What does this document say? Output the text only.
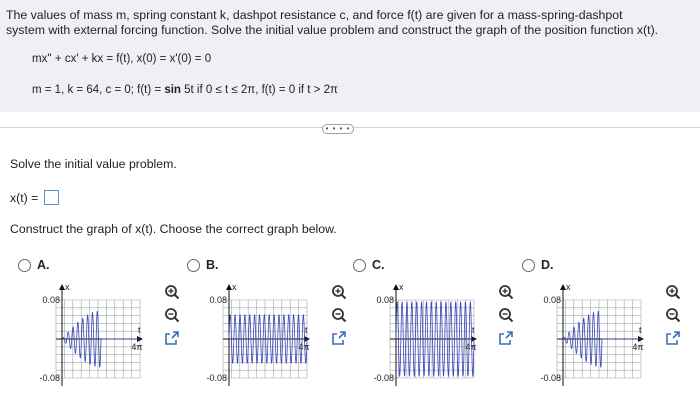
The values of mass m, spring constant k, dashpot resistance c, and force f(t) are given for a mass-spring-dashpot
system with external forcing function. Solve the initial value problem and construct the graph of the position function x(t).
mx'' + cx' + kx = f(t), x(0) = x'(0) = 0
m = 1, k = 64, c = 0; f(t) = sin 5t if 0 ≤ t ≤ 2π, f(t) = 0 if t > 2π
• • • •
Solve the initial value problem.
x(t) =
Construct the graph of x(t). Choose the correct graph below.
A.	B.	C.	D.
x
0.08
-0.08
t
4π
x
0.08
-0.08
t
4π
x
0.08
-0.08
t
4π
x
0.08
-0.08
t
4π
